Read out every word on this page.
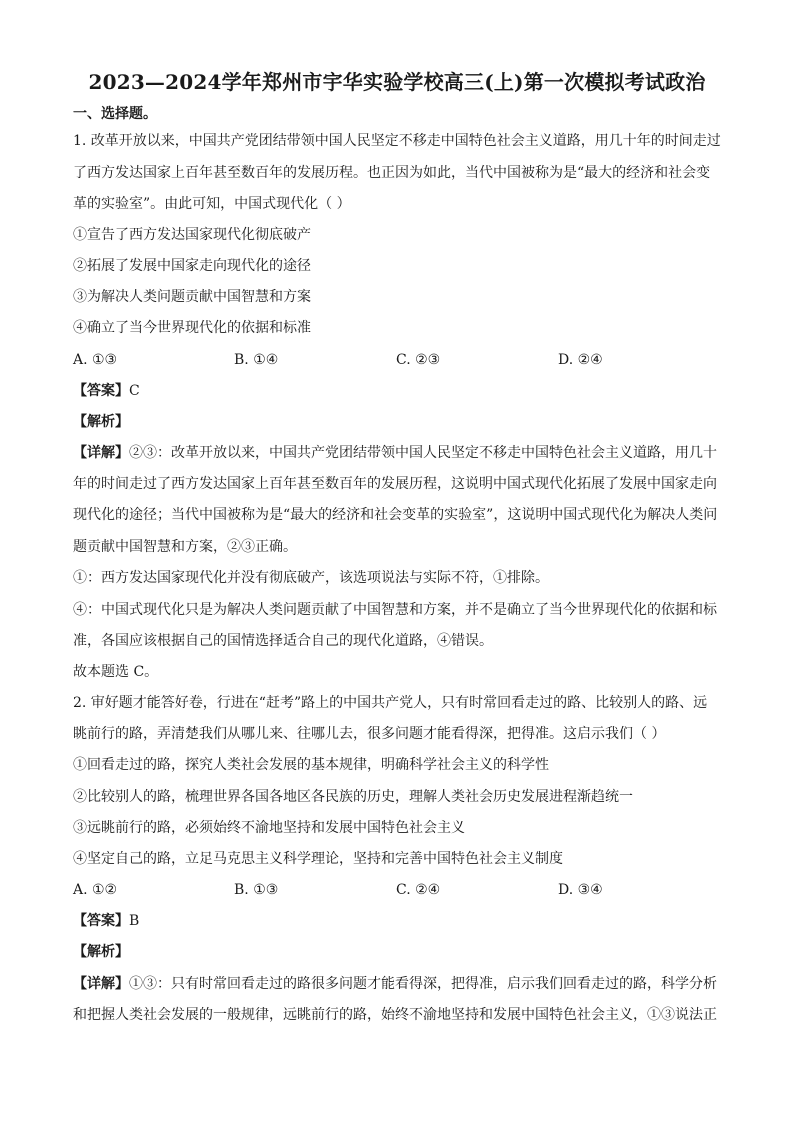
2023—2024学年郑州市宇华实验学校高三(上)第一次模拟考试政治
一、选择题。
1. 改革开放以来，中国共产党团结带领中国人民坚定不移走中国特色社会主义道路，用几十年的时间走过
了西方发达国家上百年甚至数百年的发展历程。也正因为如此，当代中国被称为是“最大的经济和社会变
革的实验室”。由此可知，中国式现代化（ ）
①宣告了西方发达国家现代化彻底破产
②拓展了发展中国家走向现代化的途径
③为解决人类问题贡献中国智慧和方案
④确立了当今世界现代化的依据和标准
A. ①③	B. ①④	C. ②③	D. ②④
【答案】C
【解析】
【详解】②③：改革开放以来，中国共产党团结带领中国人民坚定不移走中国特色社会主义道路，用几十
年的时间走过了西方发达国家上百年甚至数百年的发展历程，这说明中国式现代化拓展了发展中国家走向
现代化的途径；当代中国被称为是“最大的经济和社会变革的实验室”，这说明中国式现代化为解决人类问
题贡献中国智慧和方案，②③正确。
①：西方发达国家现代化并没有彻底破产，该选项说法与实际不符，①排除。
④：中国式现代化只是为解决人类问题贡献了中国智慧和方案，并不是确立了当今世界现代化的依据和标
准，各国应该根据自己的国情选择适合自己的现代化道路，④错误。
故本题选 C。
2. 审好题才能答好卷，行进在“赶考”路上的中国共产党人，只有时常回看走过的路、比较别人的路、远
眺前行的路，弄清楚我们从哪儿来、往哪儿去，很多问题才能看得深，把得准。这启示我们（ ）
①回看走过的路，探究人类社会发展的基本规律，明确科学社会主义的科学性
②比较别人的路，梳理世界各国各地区各民族的历史，理解人类社会历史发展进程渐趋统一
③远眺前行的路，必须始终不渝地坚持和发展中国特色社会主义
④坚定自己的路，立足马克思主义科学理论，坚持和完善中国特色社会主义制度
A. ①②	B. ①③	C. ②④	D. ③④
【答案】B
【解析】
【详解】①③：只有时常回看走过的路很多问题才能看得深，把得准，启示我们回看走过的路，科学分析
和把握人类社会发展的一般规律，远眺前行的路，始终不渝地坚持和发展中国特色社会主义，①③说法正
